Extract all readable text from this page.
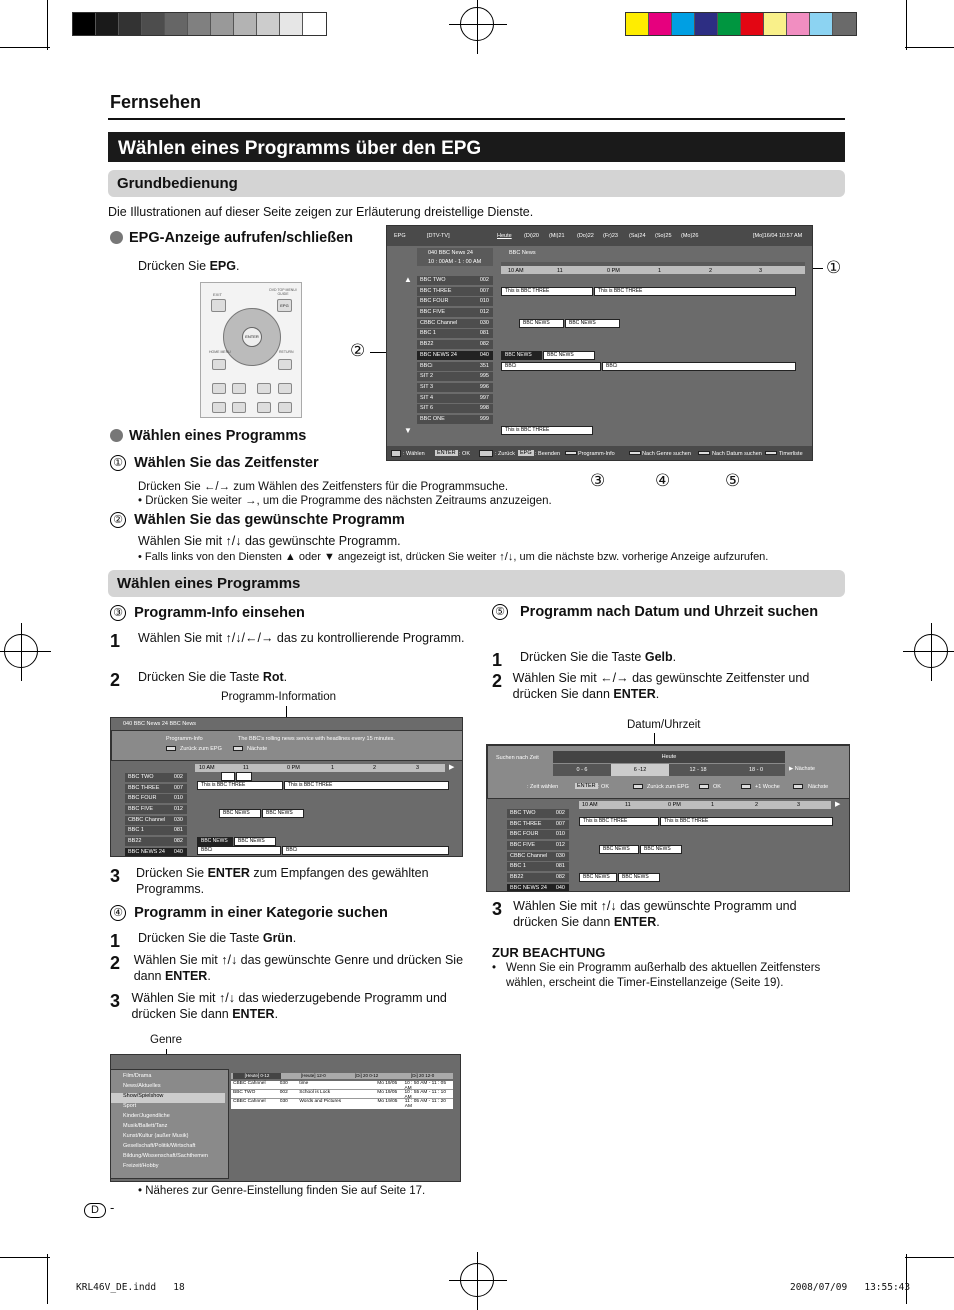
Fernsehen
Wählen eines Programms über den EPG
Grundbedienung
Die Illustrationen auf dieser Seite zeigen zur Erläuterung dreistellige Dienste.
EPG-Anzeige aufrufen/schließen
Drücken Sie EPG.
EXIT
DVD TOP MENU/ GUIDE
EPG
ENTER
HOME MENU	RETURN
EPG	[DTV-TV]	Heute (Di)20 (Mi)21 (Do)22 (Fr)23 (Sa)24 (So)25 (Mo)26	[Mo]16/04 10:57 AM
040 BBC News 24
10 : 00AM - 1 : 00 AM
BBC News
10 AM	11	0 PM	1	2	3
▲
▼
BBC TWO	002
BBC THREE	007
BBC FOUR	010
BBC FIVE	012
CBBC Channel	030
BBC 1	081
BB22	082
BBC NEWS 24	040
BBCi	351
SIT 2	995
SIT 3	996
SIT 4	997
SIT 6	998
BBC ONE	999
This is BBC THREE	This is BBC THREE
BBC NEWS	BBC NEWS
BBC NEWS	BBC NEWS
BBCi	BBCi
This is BBC THREE
: Wählen	ENTER : OK	: Zurück EPG : Beenden	Programm-Info	Nach Genre suchen	Nach Datum suchen	Timerliste
①
②
③	④	⑤
Wählen eines Programms
① Wählen Sie das Zeitfenster
Drücken Sie ←/→ zum Wählen des Zeitfensters für die Programmsuche.
• Drücken Sie weiter →, um die Programme des nächsten Zeitraums anzuzeigen.
② Wählen Sie das gewünschte Programm
Wählen Sie mit ↑/↓ das gewünschte Programm.
• Falls links von den Diensten ▲ oder ▼ angezeigt ist, drücken Sie weiter ↑/↓, um die nächste bzw. vorherige Anzeige aufzurufen.
Wählen eines Programms
③ Programm-Info einsehen
1	Wählen Sie mit ↑/↓/←/→ das zu kontrollierende Programm.
2	Drücken Sie die Taste Rot.
Programm-Information
040 BBC News 24 BBC News
Programm-Info	The BBC's rolling news service with headlines every 15 minutes.
Zurück zum EPG	Nächste
10 AM	11	0 PM	1	2	3	▶
BBC TWO	002
BBC THREE	007
BBC FOUR	010
BBC FIVE	012
CBBC Channel 030
BBC 1	081
BB22	082
BBC NEWS 24 040
This is BBC THREE	This is BBC THREE
BBC NEWS	BBC NEWS
BBC NEWS	BBC NEWS
BBCi	BBCi
3	Drücken Sie ENTER zum Empfangen des gewählten Programms.
④ Programm in einer Kategorie suchen
1	Drücken Sie die Taste Grün.
2	Wählen Sie mit ↑/↓ das gewünschte Genre und drücken Sie dann ENTER.
3 Wählen Sie mit ↑/↓ das wiederzugebende Programm und drücken Sie dann ENTER.
Genre
Film/Drama
News/Aktuelles
Show/Spielshow
Sport
Kinder/Jugendliche
Musik/Ballett/Tanz
Kunst/Kultur (außer Musik)
Gesellschaft/Politik/Wirtschaft
Bildung/Wissenschaft/Sachthemen
Freizeit/Hobby
[Heute] 0-12	[Heute] 12-0	[Di] 20 0-12	[Di] 20 12-0
CBBC Cahnnel	030	time	Mo 19/05	10 : 50 AM - 11 : 05 AM
BBC TWO	002	School is Lock	Mo 19/05	10 : 55 AM - 11 : 10 AM
CBBC Cahnnel	030	Words and Pictures	Mo 19/05	11 : 05 AM - 11 : 20 AM
• Näheres zur Genre-Einstellung finden Sie auf Seite 17.
⑤ Programm nach Datum und Uhrzeit suchen
1	Drücken Sie die Taste Gelb.
2 Wählen Sie mit ←/→ das gewünschte Zeitfenster und drücken Sie dann ENTER.
Datum/Uhrzeit
Suchen nach Zeit	Heute
0 - 6	6 -12	12 - 18	18 - 0	▶ Nächste
: Zeit wählen	ENTER : OK	Zurück zum EPG	OK	+1 Woche	Nächste
10 AM	11	0 PM	1	2	3	▶
BBC TWO	002
BBC THREE	007
BBC FOUR	010
BBC FIVE	012
CBBC Channel 030
BBC 1	081
BB22	082
BBC NEWS 24 040
This is BBC THREE	This is BBC THREE
BBC NEWS	BBC NEWS
BBC NEWS	BBC NEWS
3 Wählen Sie mit ↑/↓ das gewünschte Programm und drücken Sie dann ENTER.
ZUR BEACHTUNG
• Wenn Sie ein Programm außerhalb des aktuellen Zeitfensters wählen, erscheint die Timer-Einstellanzeige (Seite 19).
D -
KRL46V_DE.indd   18	2008/07/09   13:55:43
